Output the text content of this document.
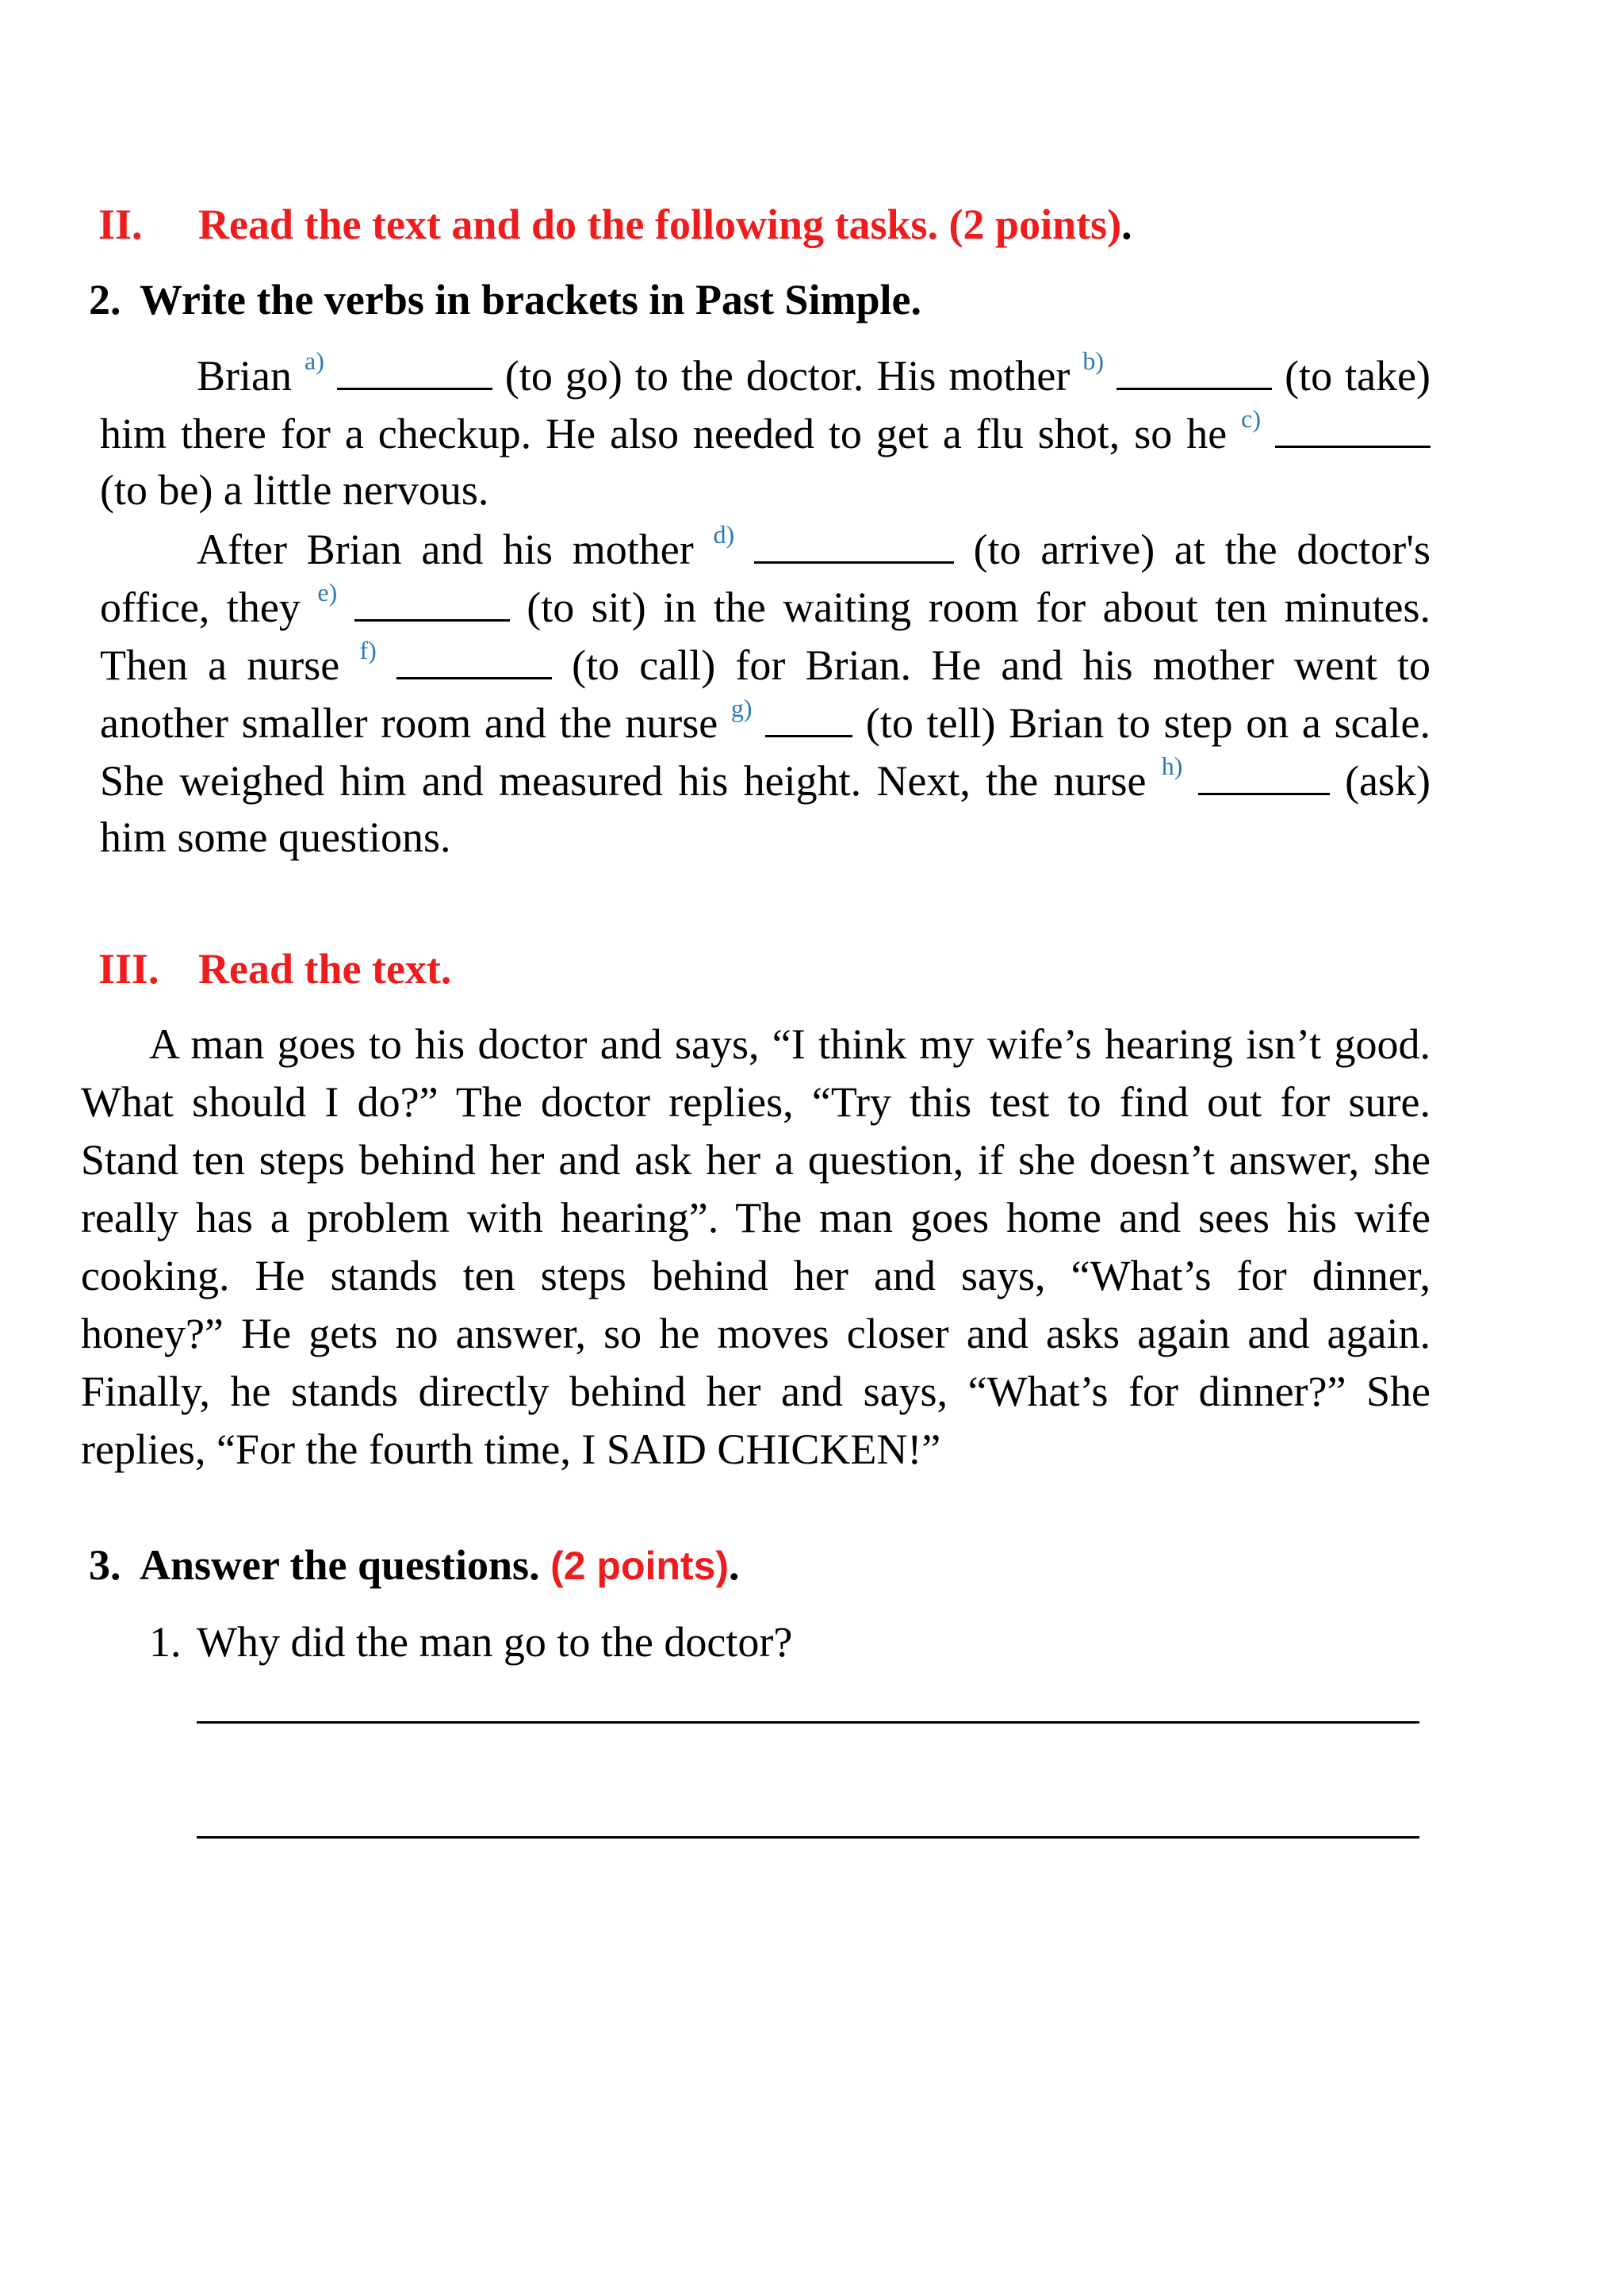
II. Read the text and do the following tasks. (2 points).
2. Write the verbs in brackets in Past Simple.
Brian $^{a)}$	(to go) to the doctor. His mother $^{b)}$	(to take)
him there for a checkup. He also needed to get a flu shot, so he $^{c)}$
(to be) a little nervous.
After Brian and his mother $^{d)}$	(to arrive) at the doctor's
office, they $^{e)}$	(to sit) in the waiting room for about ten minutes.
Then a nurse $^{f)}$	(to call) for Brian. He and his mother went to
another smaller room and the nurse $^{g)}$	(to tell) Brian to step on a scale.
She weighed him and measured his height. Next, the nurse $^{h)}$	(ask)
him some questions.
III. Read the text.
A man goes to his doctor and says, “I think my wife’s hearing isn’t good.
What should I do?” The doctor replies, “Try this test to find out for sure.
Stand ten steps behind her and ask her a question, if she doesn’t answer, she
really has a problem with hearing”. The man goes home and sees his wife
cooking. He stands ten steps behind her and says, “What’s for dinner,
honey?” He gets no answer, so he moves closer and asks again and again.
Finally, he stands directly behind her and says, “What’s for dinner?” She
replies, “For the fourth time, I SAID CHICKEN!”
3. Answer the questions. (2 points).
1. Why did the man go to the doctor?
